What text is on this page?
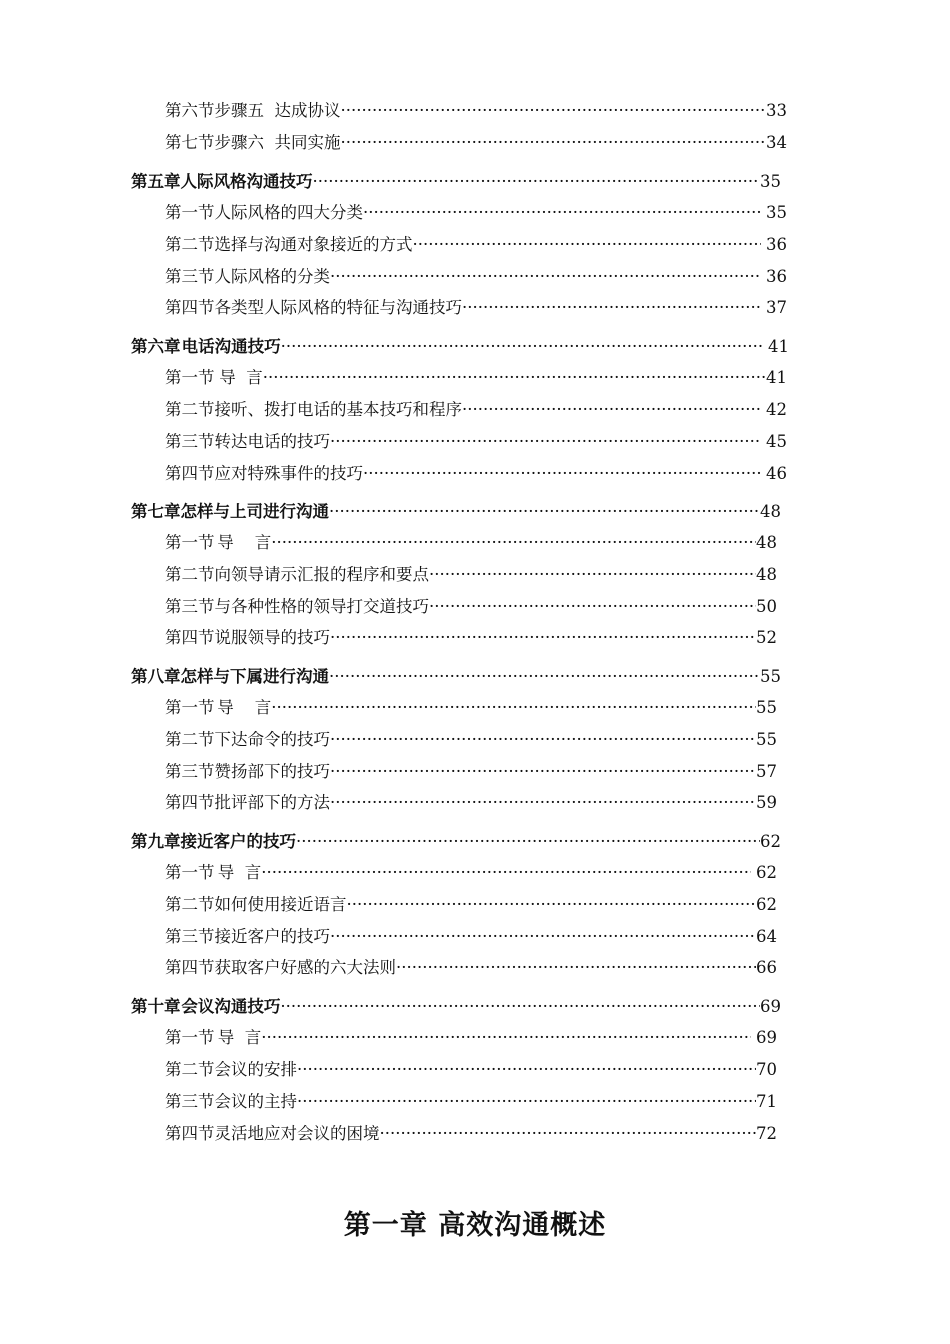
第六节 步骤五  达成协议 ·····	33
第七节 步骤六  共同实施 ·····	34
第五章 人际风格沟通技巧 ·····	35
第一节 人际风格的四大分类 ·····	35
第二节 选择与沟通对象接近的方式 ·····	36
第三节 人际风格的分类 ·····	36
第四节 各类型人际风格的特征与沟通技巧 ·····	37
第六章 电话沟通技巧 ·····	41
第一节 导  言 ·····	41
第二节 接听、拨打电话的基本技巧和程序 ·····	42
第三节 转达电话的技巧 ·····	45
第四节 应对特殊事件的技巧 ·····	46
第七章 怎样与上司进行沟通 ·····	48
第一节 导    言 ·····	48
第二节 向领导请示汇报的程序和要点 ·····	48
第三节 与各种性格的领导打交道技巧 ·····	50
第四节 说服领导的技巧 ·····	52
第八章 怎样与下属进行沟通 ·····	55
第一节 导    言 ·····	55
第二节 下达命令的技巧 ·····	55
第三节 赞扬部下的技巧 ·····	57
第四节 批评部下的方法 ·····	59
第九章 接近客户的技巧 ·····	62
第一节 导  言 ·····	62
第二节 如何使用接近语言 ·····	62
第三节 接近客户的技巧 ·····	64
第四节 获取客户好感的六大法则 ·····	66
第十章 会议沟通技巧 ·····	69
第一节 导  言 ·····	69
第二节 会议的安排 ·····	70
第三节 会议的主持 ·····	71
第四节 灵活地应对会议的困境 ·····	72
第一章 高效沟通概述
